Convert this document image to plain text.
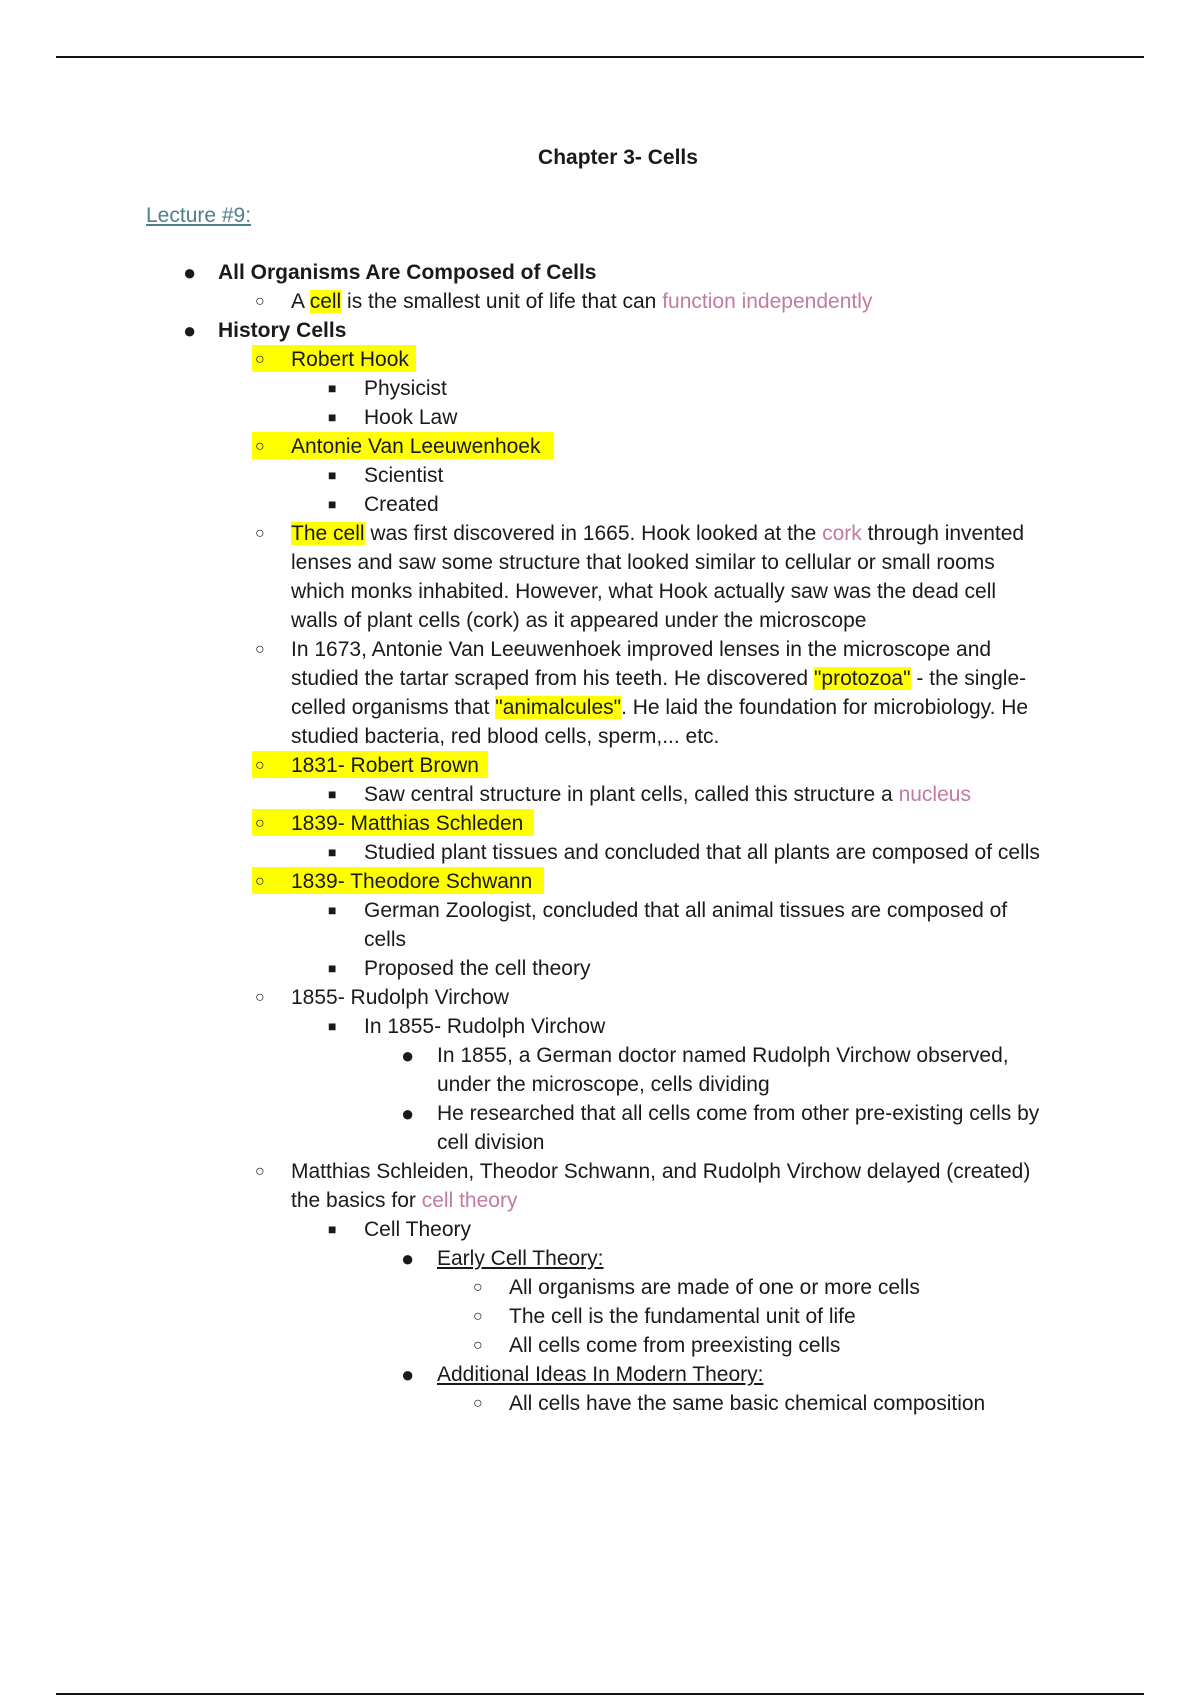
Chapter 3- Cells
Lecture #9:
● All Organisms Are Composed of Cells
○ A cell is the smallest unit of life that can function independently
● History Cells
○ Robert Hook
■ Physicist
■ Hook Law
○ Antonie Van Leeuwenhoek
■ Scientist
■ Created
○ The cell was first discovered in 1665. Hook looked at the cork through invented
lenses and saw some structure that looked similar to cellular or small rooms
which monks inhabited. However, what Hook actually saw was the dead cell
walls of plant cells (cork) as it appeared under the microscope
○ In 1673, Antonie Van Leeuwenhoek improved lenses in the microscope and
studied the tartar scraped from his teeth. He discovered "protozoa" - the single-
celled organisms that "animalcules". He laid the foundation for microbiology. He
studied bacteria, red blood cells, sperm,... etc.
○ 1831- Robert Brown
■ Saw central structure in plant cells, called this structure a nucleus
○ 1839- Matthias Schleden
■ Studied plant tissues and concluded that all plants are composed of cells
○ 1839- Theodore Schwann
■ German Zoologist, concluded that all animal tissues are composed of
cells
■ Proposed the cell theory
○ 1855- Rudolph Virchow
■ In 1855- Rudolph Virchow
● In 1855, a German doctor named Rudolph Virchow observed,
under the microscope, cells dividing
● He researched that all cells come from other pre-existing cells by
cell division
○ Matthias Schleiden, Theodor Schwann, and Rudolph Virchow delayed (created)
the basics for cell theory
■ Cell Theory
● Early Cell Theory:
○ All organisms are made of one or more cells
○ The cell is the fundamental unit of life
○ All cells come from preexisting cells
● Additional Ideas In Modern Theory:
○ All cells have the same basic chemical composition
